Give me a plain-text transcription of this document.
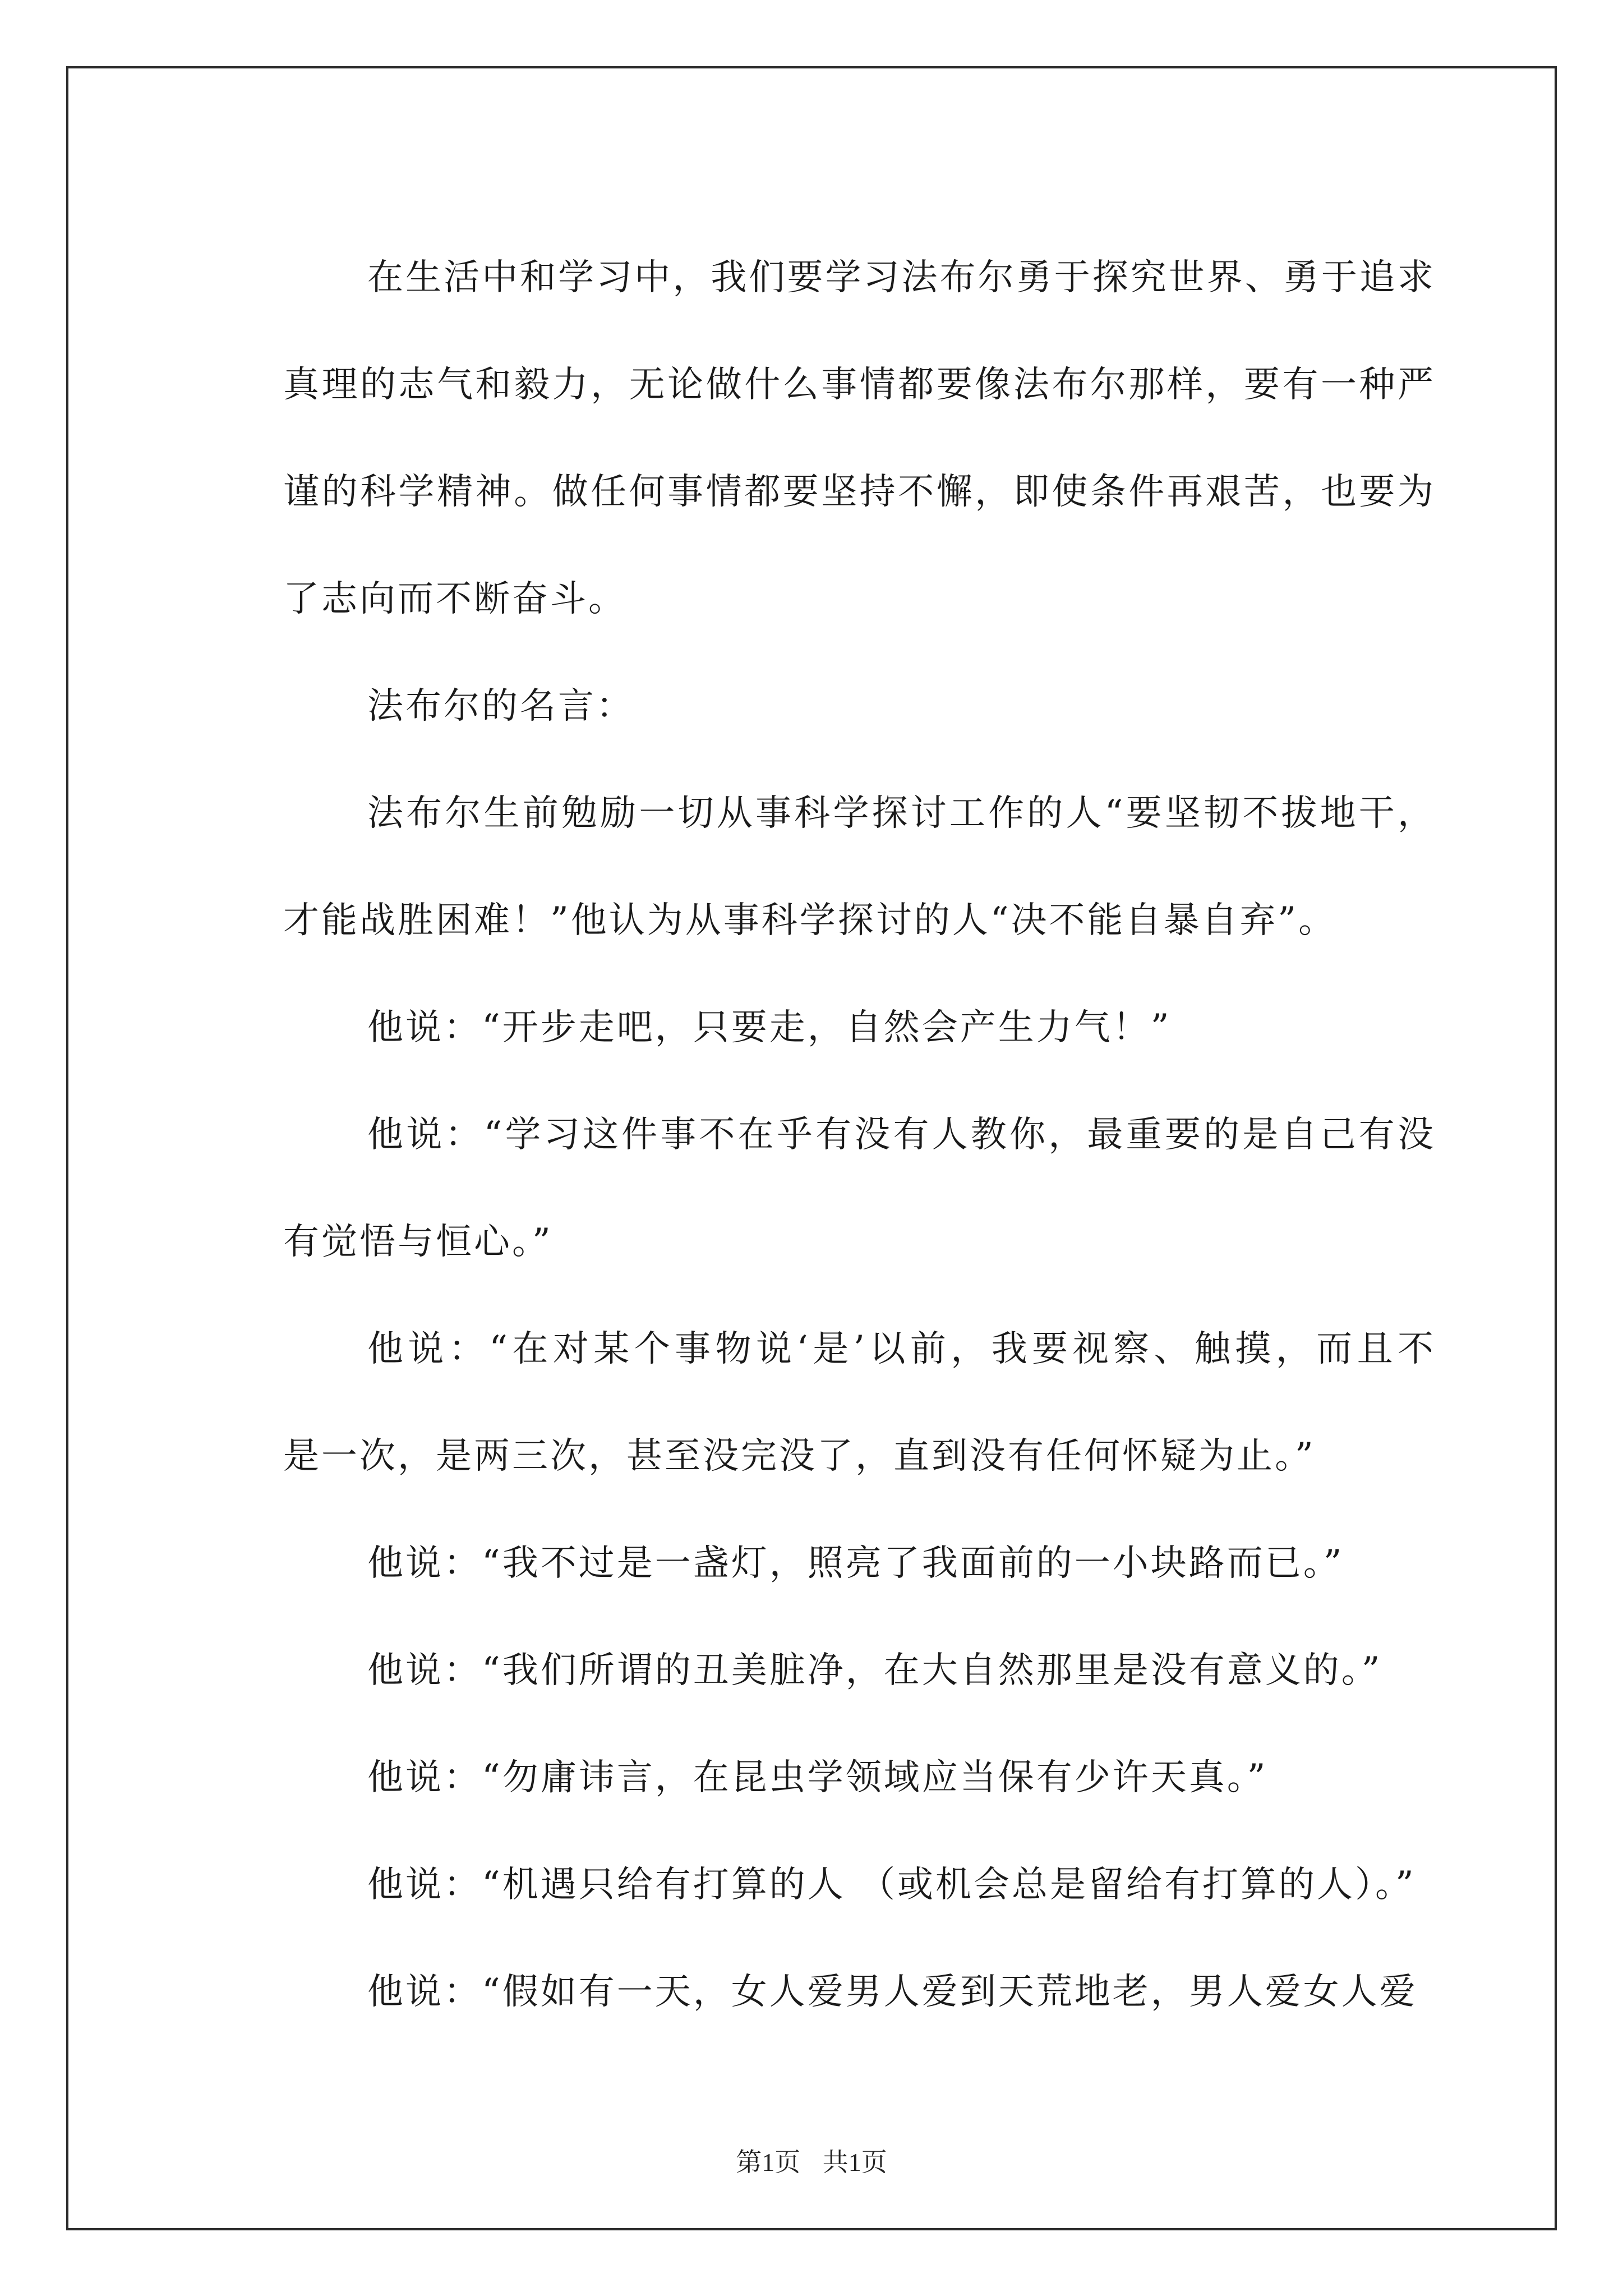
在生活中和学习中，我们要学习法布尔勇于探究世界、勇于追求
真理的志气和毅力，无论做什么事情都要像法布尔那样，要有一种严
谨的科学精神。做任何事情都要坚持不懈，即使条件再艰苦，也要为
了志向而不断奋斗。
法布尔的名言：
法布尔生前勉励一切从事科学探讨工作的人“要坚韧不拔地干，
才能战胜困难！”他认为从事科学探讨的人“决不能自暴自弃”。
他说：“开步走吧，只要走，自然会产生力气！”
他说：“学习这件事不在乎有没有人教你，最重要的是自己有没
有觉悟与恒心。”
他说：“在对某个事物说‘是’以前，我要视察、触摸，而且不
是一次，是两三次，甚至没完没了，直到没有任何怀疑为止。”
他说：“我不过是一盏灯，照亮了我面前的一小块路而已。”
他说：“我们所谓的丑美脏净，在大自然那里是没有意义的。”
他说：“勿庸讳言，在昆虫学领域应当保有少许天真。”
他说：“机遇只给有打算的人 （或机会总是留给有打算的人）。”
他说：“假如有一天，女人爱男人爱到天荒地老，男人爱女人爱
第1页 共1页
